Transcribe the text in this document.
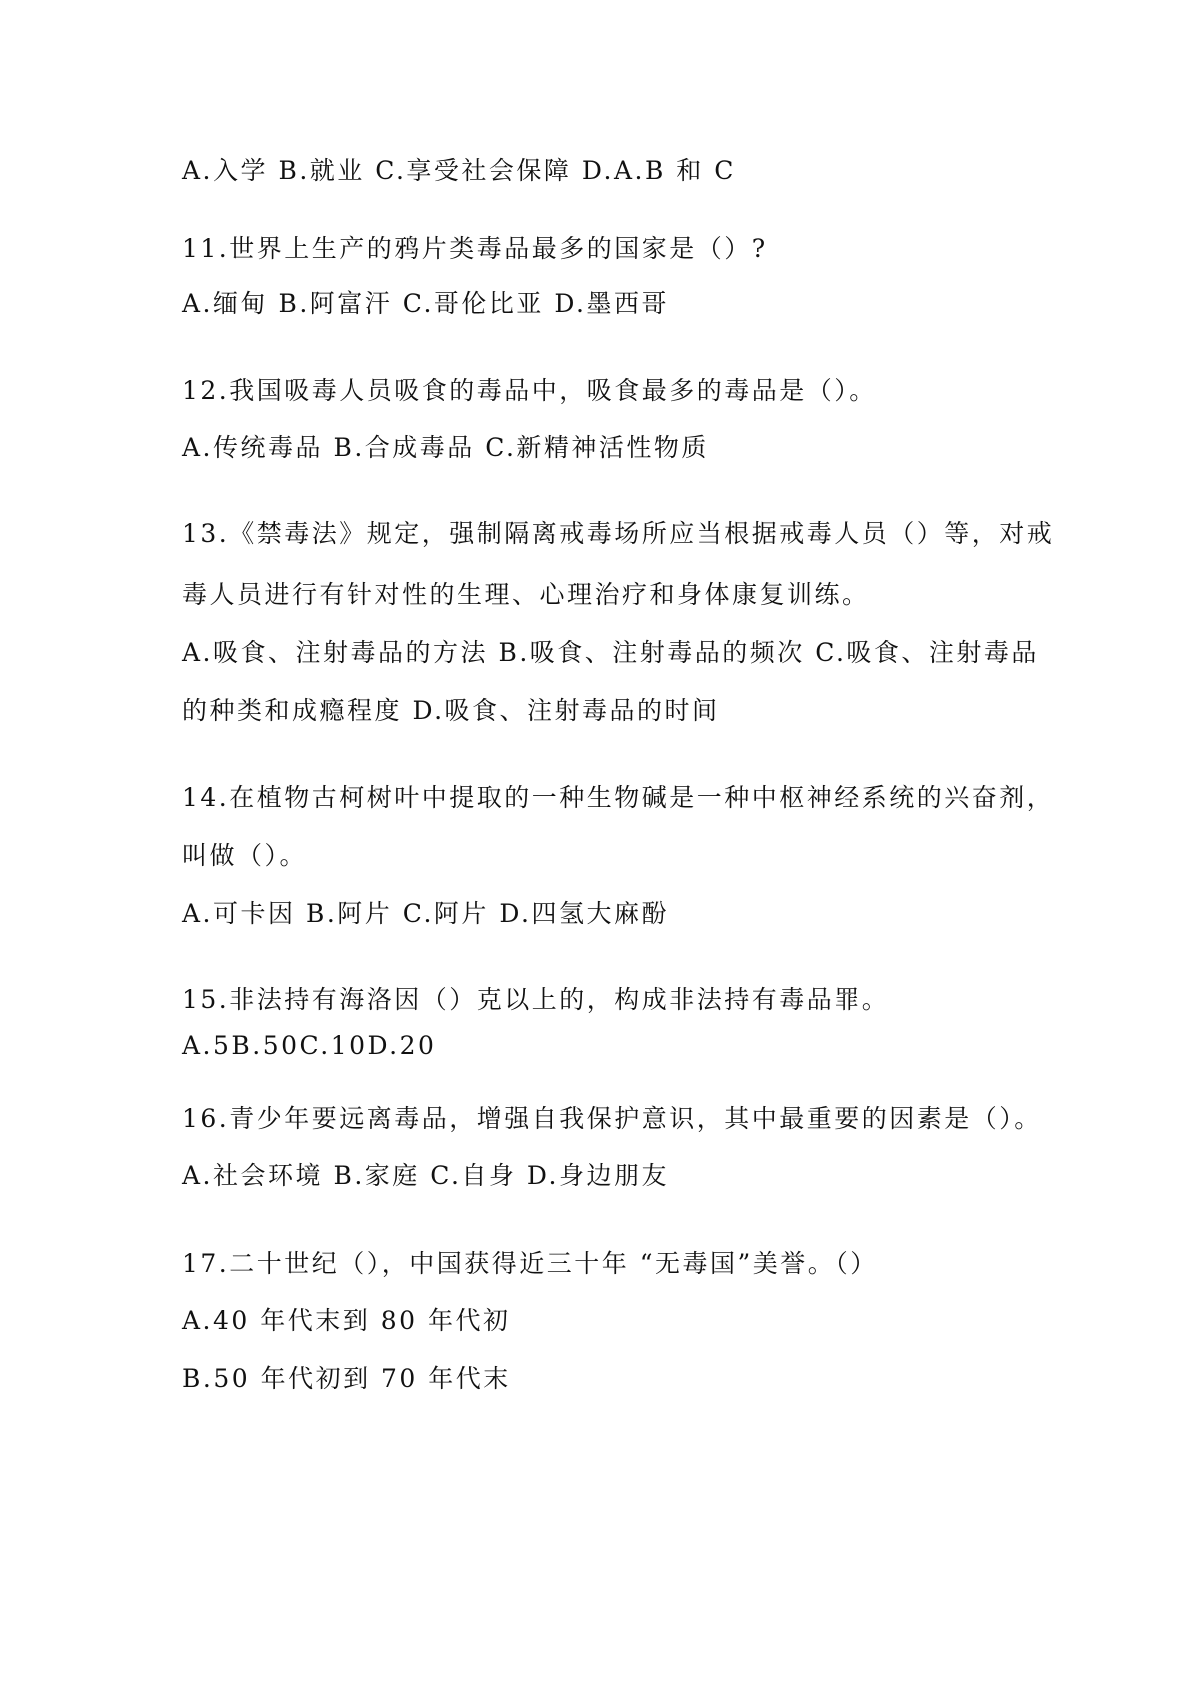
A.入学 B.就业 C.享受社会保障 D.A.B 和 C
11.世界上生产的鸦片类毒品最多的国家是（）?
A.缅甸 B.阿富汗 C.哥伦比亚 D.墨西哥
12.我国吸毒人员吸食的毒品中，吸食最多的毒品是（）。
A.传统毒品 B.合成毒品 C.新精神活性物质
13.《禁毒法》规定，强制隔离戒毒场所应当根据戒毒人员（）等，对戒
毒人员进行有针对性的生理、心理治疗和身体康复训练。
A.吸食、注射毒品的方法 B.吸食、注射毒品的频次 C.吸食、注射毒品
的种类和成瘾程度 D.吸食、注射毒品的时间
14.在植物古柯树叶中提取的一种生物碱是一种中枢神经系统的兴奋剂，
叫做（）。
A.可卡因 B.阿片 C.阿片 D.四氢大麻酚
15.非法持有海洛因（）克以上的，构成非法持有毒品罪。
A.5B.50C.10D.20
16.青少年要远离毒品，增强自我保护意识，其中最重要的因素是（）。
A.社会环境 B.家庭 C.自身 D.身边朋友
17.二十世纪（），中国获得近三十年 “无毒国”美誉。（）
A.40 年代末到 80 年代初
B.50 年代初到 70 年代末
